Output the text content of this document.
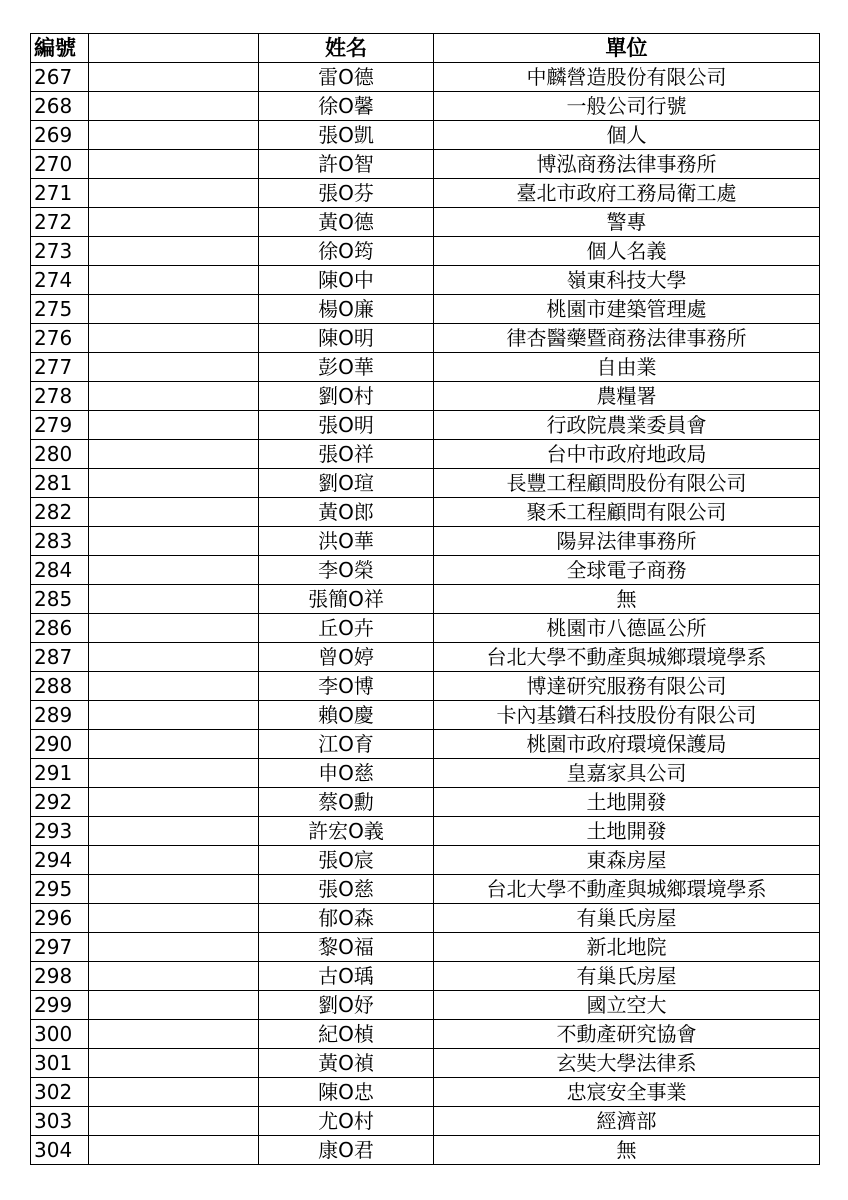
編號		姓名	單位
267		雷O德	中麟營造股份有限公司
268		徐O馨	一般公司行號
269		張O凱	個人
270		許O智	博泓商務法律事務所
271		張O芬	臺北市政府工務局衛工處
272		黃O德	警專
273		徐O筠	個人名義
274		陳O中	嶺東科技大學
275		楊O廉	桃園市建築管理處
276		陳O明	律杏醫藥暨商務法律事務所
277		彭O華	自由業
278		劉O村	農糧署
279		張O明	行政院農業委員會
280		張O祥	台中市政府地政局
281		劉O瑄	長豐工程顧問股份有限公司
282		黃O郎	聚禾工程顧問有限公司
283		洪O華	陽昇法律事務所
284		李O榮	全球電子商務
285		張簡O祥	無
286		丘O卉	桃園市八德區公所
287		曾O婷	台北大學不動產與城鄉環境學系
288		李O博	博達研究服務有限公司
289		賴O慶	卡內基鑽石科技股份有限公司
290		江O育	桃園市政府環境保護局
291		申O慈	皇嘉家具公司
292		蔡O勳	土地開發
293		許宏O義	土地開發
294		張O宸	東森房屋
295		張O慈	台北大學不動產與城鄉環境學系
296		郁O森	有巢氏房屋
297		黎O福	新北地院
298		古O瑀	有巢氏房屋
299		劉O妤	國立空大
300		紀O楨	不動產研究協會
301		黃O禎	玄奘大學法律系
302		陳O忠	忠宸安全事業
303		尤O村	經濟部
304		康O君	無
